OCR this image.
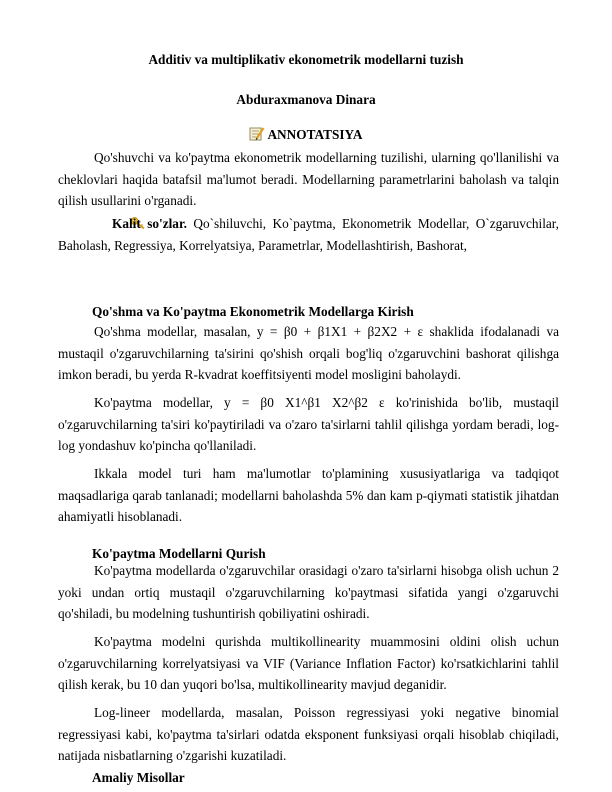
Additiv va multiplikativ ekonometrik modellarni tuzish
Abduraxmanova Dinara
ANNOTATSIYA

Qo'shuvchi va ko'paytma ekonometrik modellarning tuzilishi, ularning qo'llanilishi va cheklovlari haqida batafsil ma'lumot beradi. Modellarning parametrlarini baholash va talqin qilish usullarini o'rganadi.

Kalit so'zlar. Qo`shiluvchi, Ko`paytma, Ekonometrik Modellar, O`zgaruvchilar, Baholash, Regressiya, Korrelyatsiya, Parametrlar, Modellashtirish, Bashorat,

Qo'shma va Ko'paytma Ekonometrik Modellarga Kirish

Qo'shma modellar, masalan, y = β0 + β1X1 + β2X2 + ε shaklida ifodalanadi va mustaqil o'zgaruvchilarning ta'sirini qo'shish orqali bog'liq o'zgaruvchini bashorat qilishga imkon beradi, bu yerda R-kvadrat koeffitsiyenti model mosligini baholaydi.

Ko'paytma modellar, y = β0 X1^β1 X2^β2 ε ko'rinishida bo'lib, mustaqil o'zgaruvchilarning ta'siri ko'paytiriladi va o'zaro ta'sirlarni tahlil qilishga yordam beradi, log-log yondashuv ko'pincha qo'llaniladi.

Ikkala model turi ham ma'lumotlar to'plamining xususiyatlariga va tadqiqot maqsadlariga qarab tanlanadi; modellarni baholashda 5% dan kam p-qiymati statistik jihatdan ahamiyatli hisoblanadi.

Ko'paytma Modellarni Qurish

Ko'paytma modellarda o'zgaruvchilar orasidagi o'zaro ta'sirlarni hisobga olish uchun 2 yoki undan ortiq mustaqil o'zgaruvchilarning ko'paytmasi sifatida yangi o'zgaruvchi qo'shiladi, bu modelning tushuntirish qobiliyatini oshiradi.

Ko'paytma modelni qurishda multikollinearity muammosini oldini olish uchun o'zgaruvchilarning korrelyatsiyasi va VIF (Variance Inflation Factor) ko'rsatkichlarini tahlil qilish kerak, bu 10 dan yuqori bo'lsa, multikollinearity mavjud deganidir.

Log-lineer modellarda, masalan, Poisson regressiyasi yoki negative binomial regressiyasi kabi, ko'paytma ta'sirlari odatda eksponent funksiyasi orqali hisoblab chiqiladi, natijada nisbatlarning o'zgarishi kuzatiladi.

Amaliy Misollar
